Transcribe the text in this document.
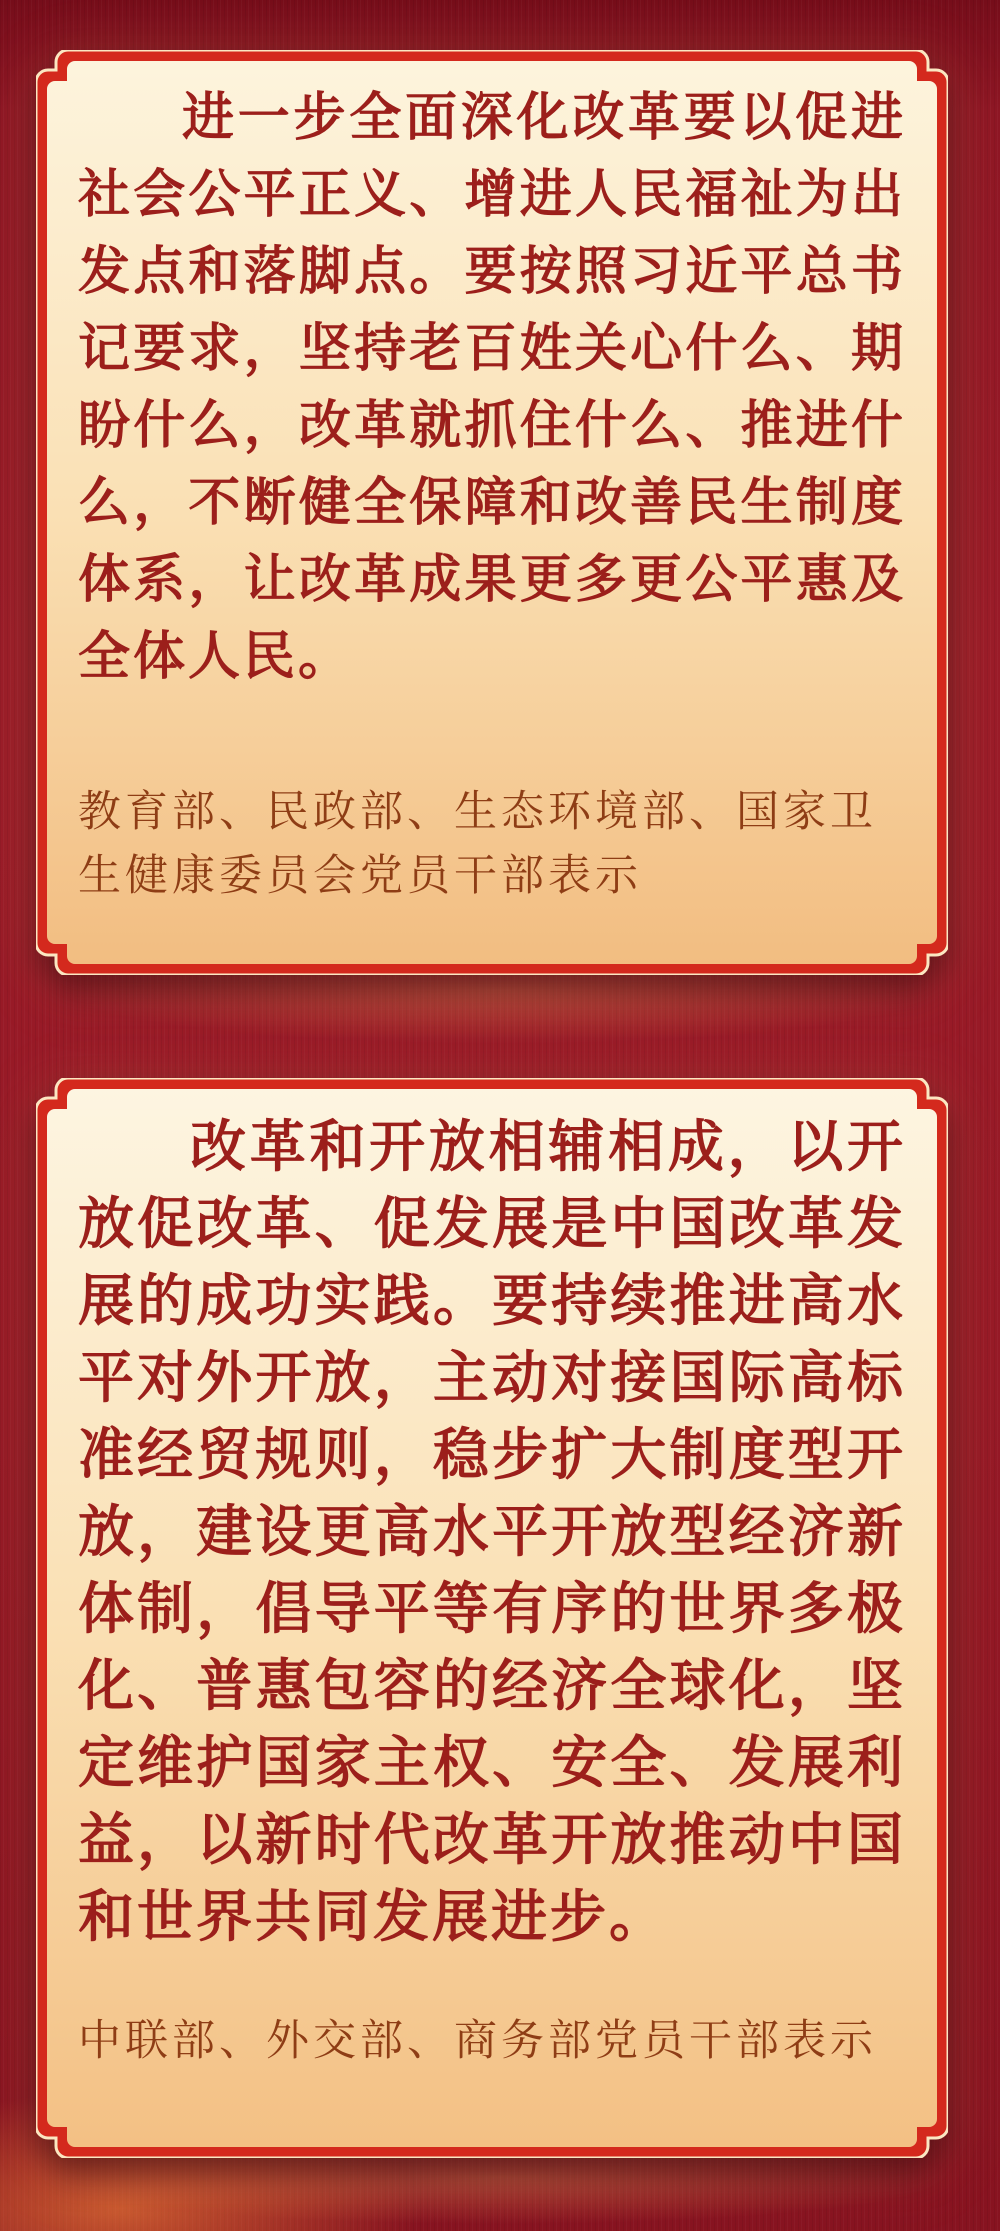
进一步全面深化改革要以促进社会公平正义、增进人民福祉为出发点和落脚点。要按照习近平总书记要求，坚持老百姓关心什么、期盼什么，改革就抓住什么、推进什么，不断健全保障和改善民生制度体系，让改革成果更多更公平惠及全体人民。

教育部、民政部、生态环境部、国家卫生健康委员会党员干部表示

改革和开放相辅相成，以开放促改革、促发展是中国改革发展的成功实践。要持续推进高水平对外开放，主动对接国际高标准经贸规则，稳步扩大制度型开放，建设更高水平开放型经济新体制，倡导平等有序的世界多极化、普惠包容的经济全球化，坚定维护国家主权、安全、发展利益，以新时代改革开放推动中国和世界共同发展进步。

中联部、外交部、商务部党员干部表示
